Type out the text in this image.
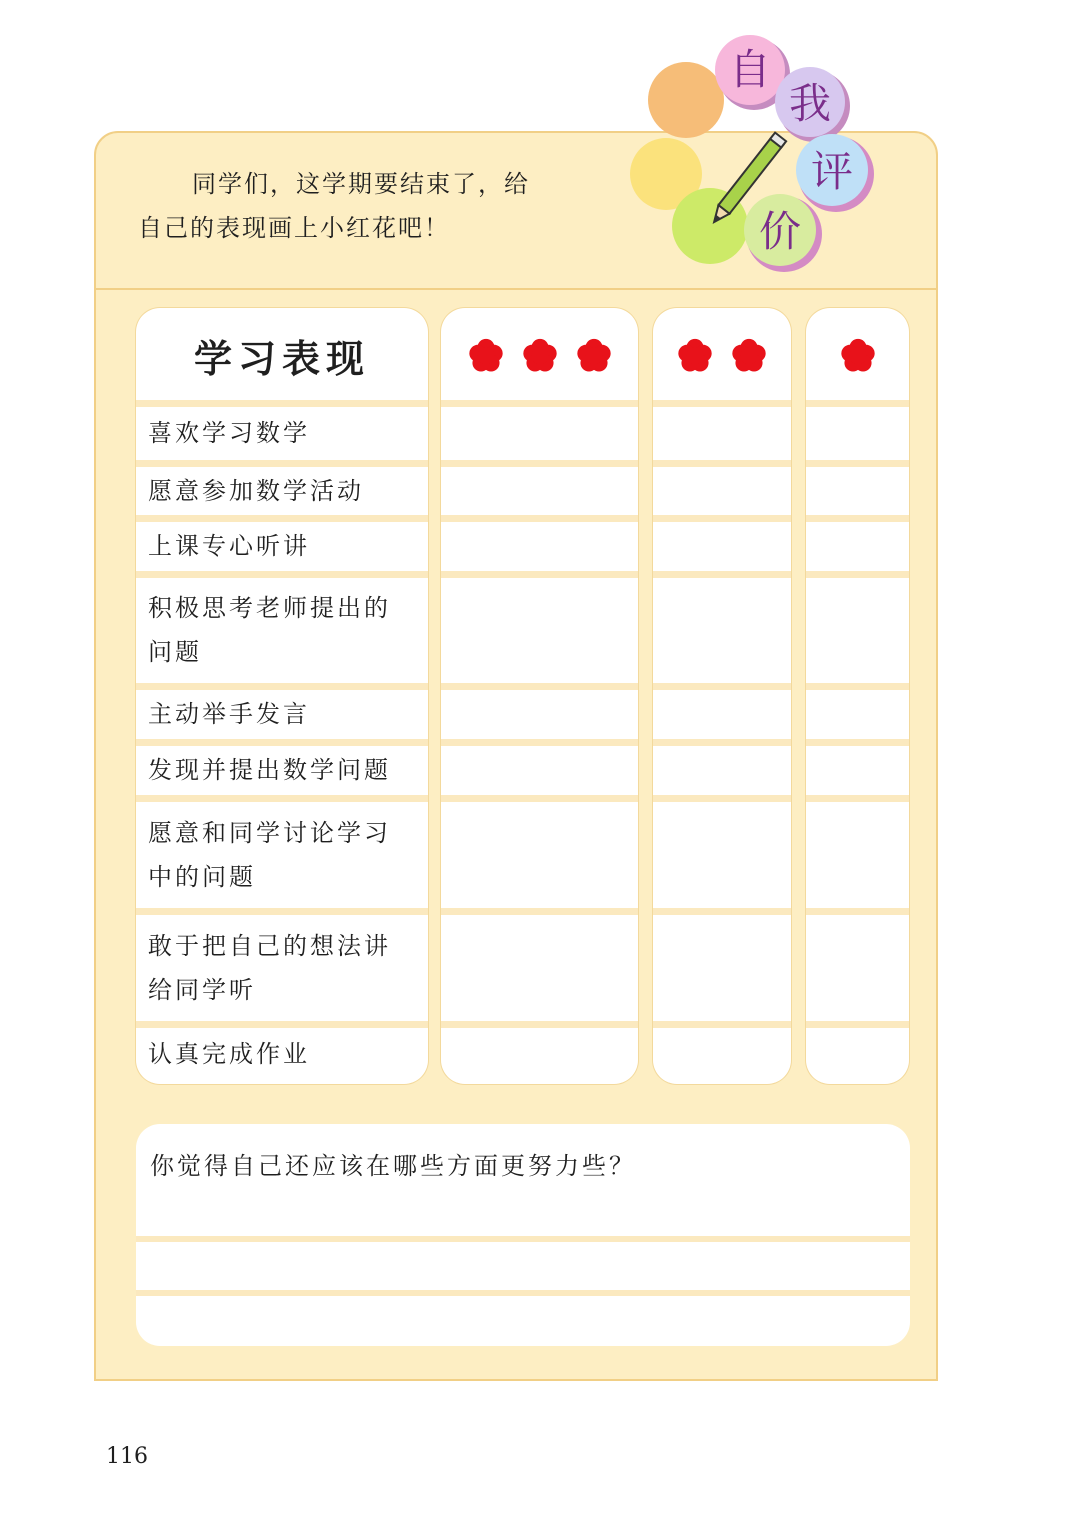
同学们，这学期要结束了，给
自己的表现画上小红花吧！
自
我
评
价
学习表现
喜欢学习数学
愿意参加数学活动
上课专心听讲
积极思考老师提出的
问题
主动举手发言
发现并提出数学问题
愿意和同学讨论学习
中的问题
敢于把自己的想法讲
给同学听
认真完成作业
你觉得自己还应该在哪些方面更努力些？
116
